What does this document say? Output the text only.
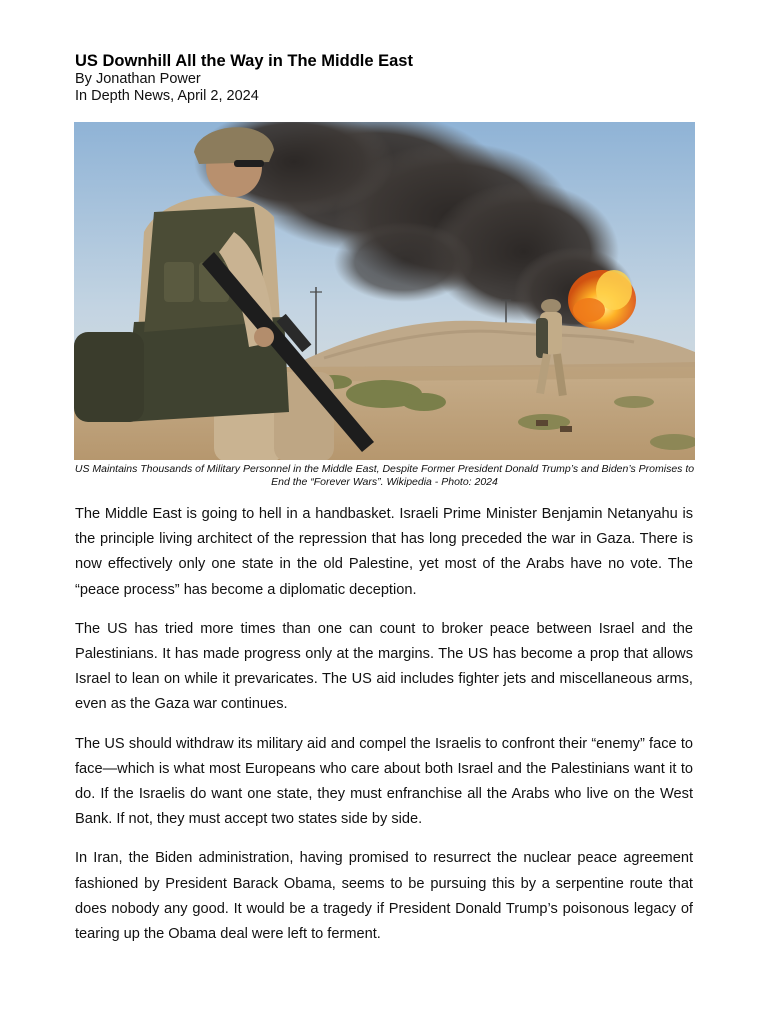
US Downhill All the Way in The Middle East
By Jonathan Power
In Depth News, April 2, 2024
US Maintains Thousands of Military Personnel in the Middle East, Despite Former President Donald Trump’s and Biden’s Promises to End the “Forever Wars”. Wikipedia - Photo: 2024

The Middle East is going to hell in a handbasket. Israeli Prime Minister Benjamin Netanyahu is the principle living architect of the repression that has long preceded the war in Gaza. There is now effectively only one state in the old Palestine, yet most of the Arabs have no vote. The “peace process” has become a diplomatic deception.

The US has tried more times than one can count to broker peace between Israel and the Palestinians. It has made progress only at the margins. The US has become a prop that allows Israel to lean on while it prevaricates. The US aid includes fighter jets and miscellaneous arms, even as the Gaza war continues.

The US should withdraw its military aid and compel the Israelis to confront their “enemy” face to face—which is what most Europeans who care about both Israel and the Palestinians want it to do. If the Israelis do want one state, they must enfranchise all the Arabs who live on the West Bank. If not, they must accept two states side by side.

In Iran, the Biden administration, having promised to resurrect the nuclear peace agreement fashioned by President Barack Obama, seems to be pursuing this by a serpentine route that does nobody any good. It would be a tragedy if President Donald Trump’s poisonous legacy of tearing up the Obama deal were left to ferment.
